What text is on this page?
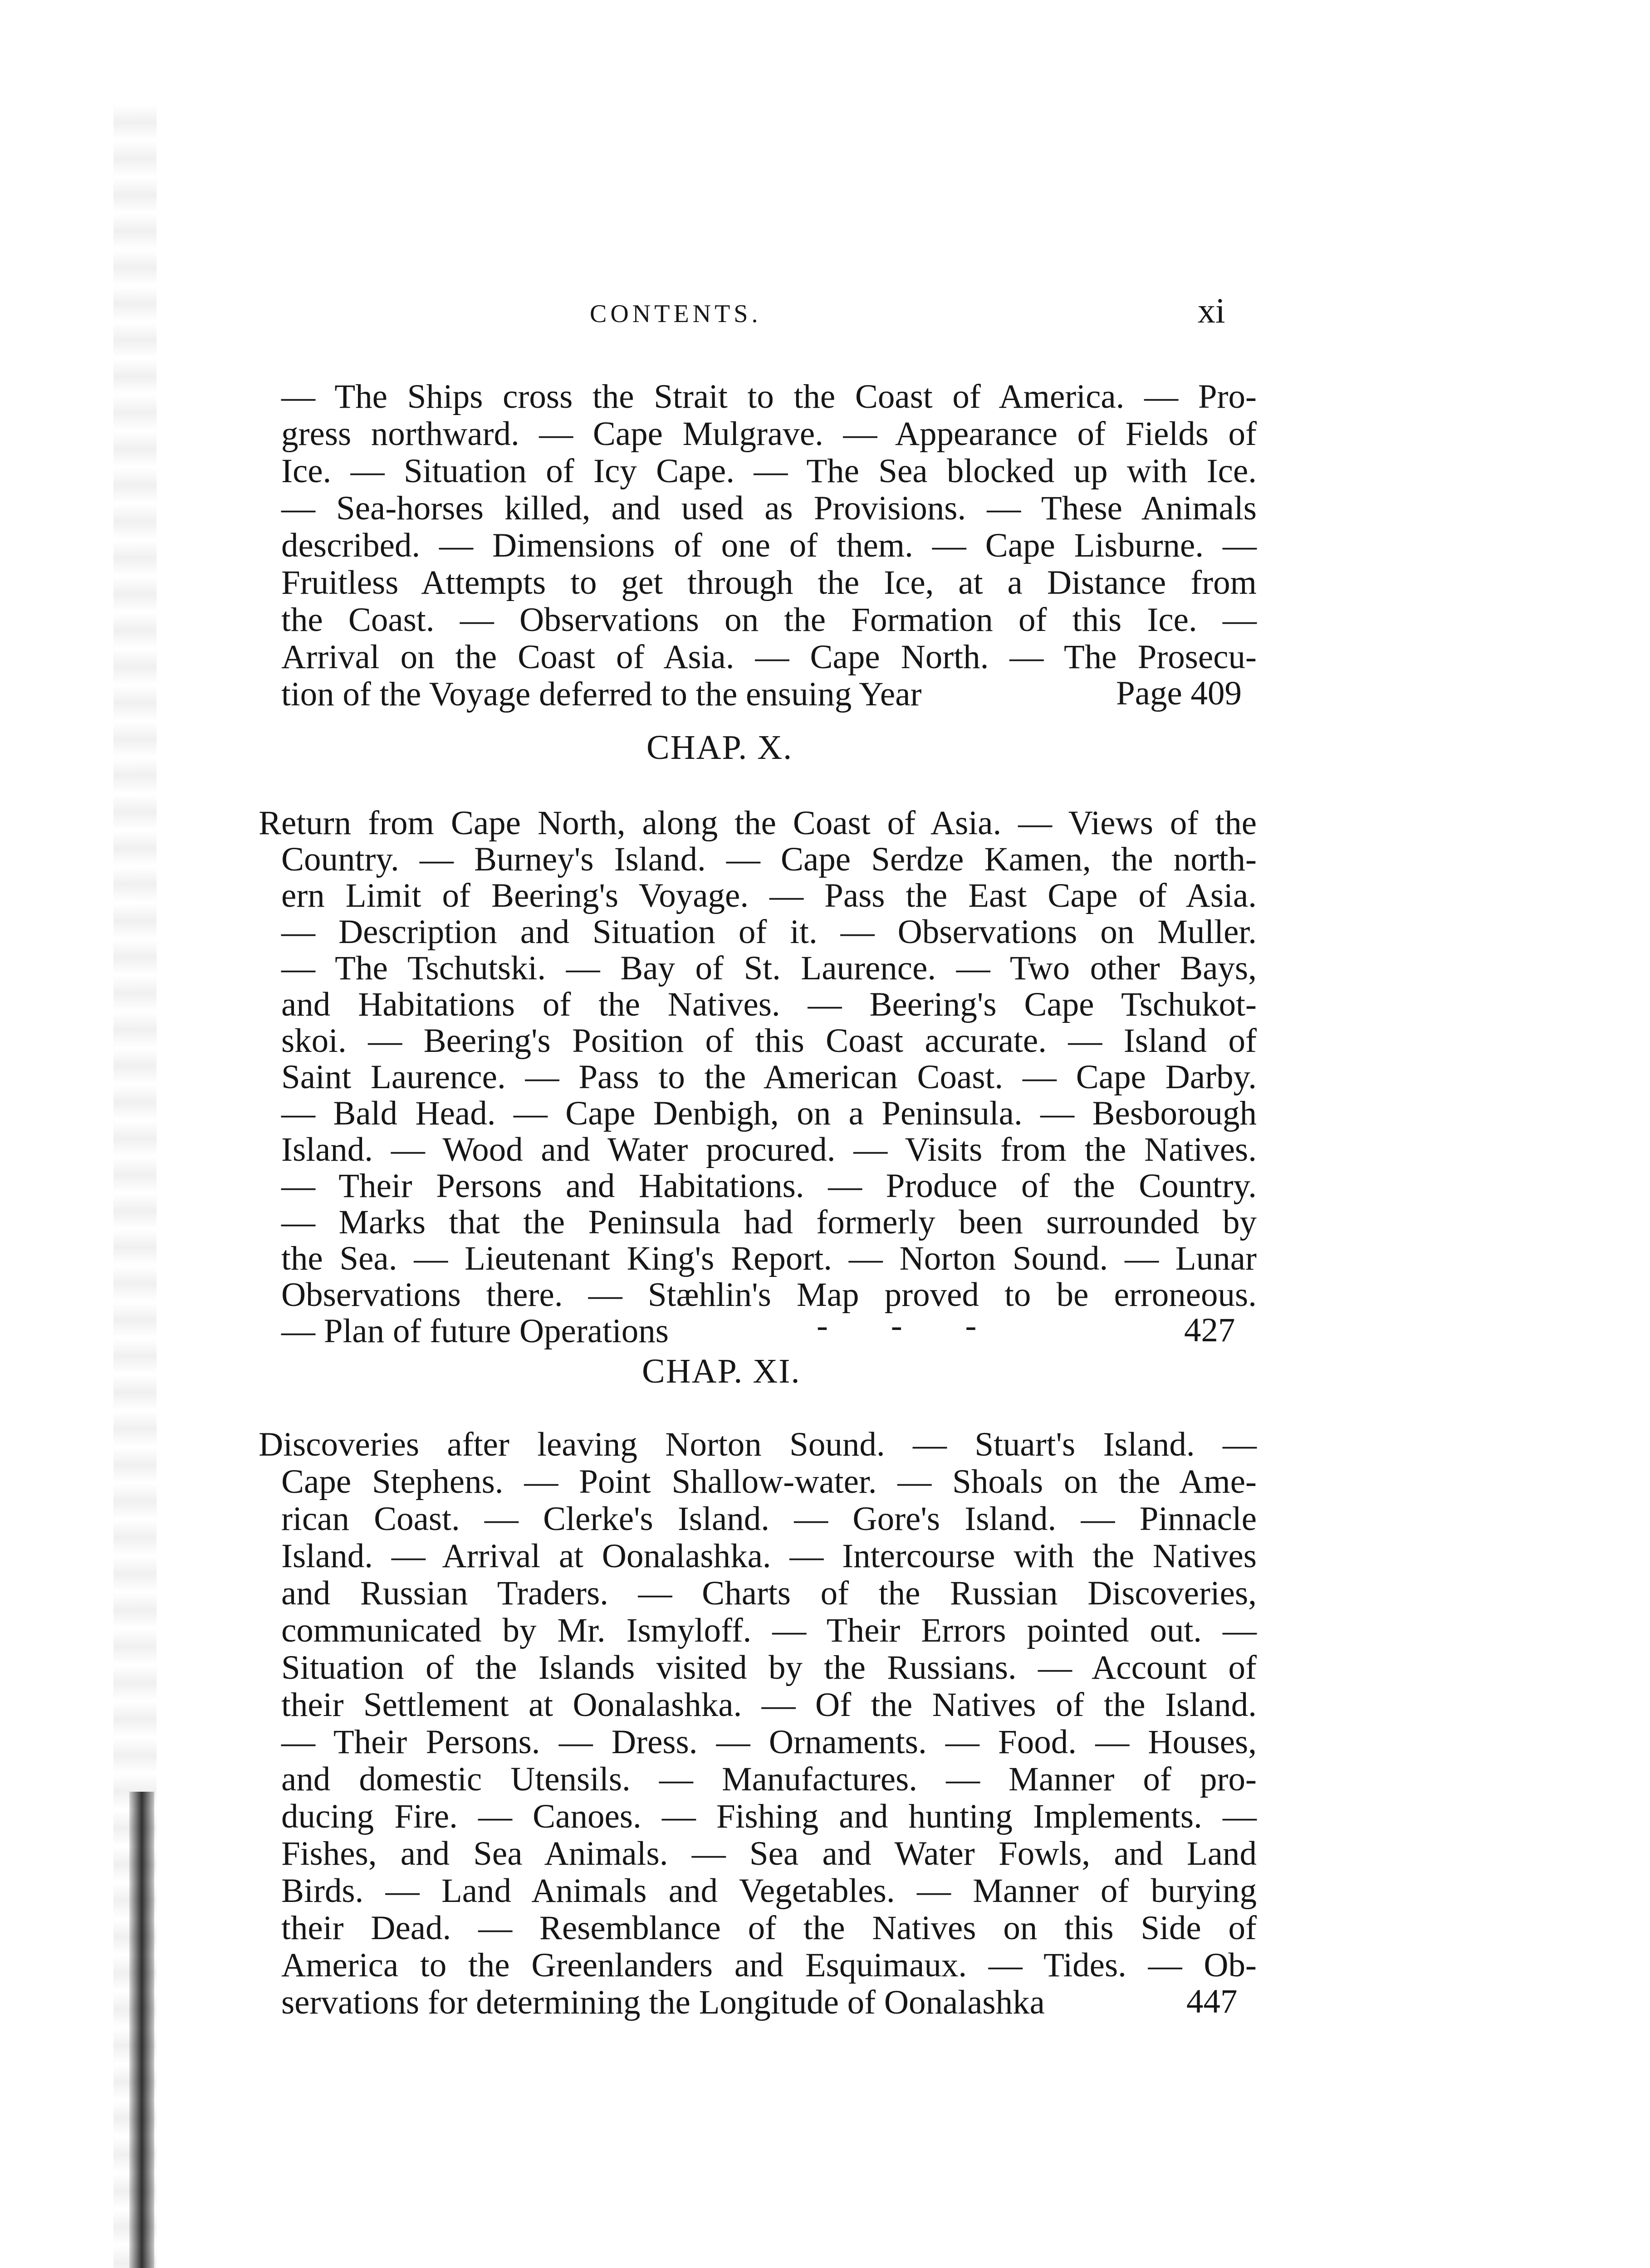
CONTENTS.	xi
— The Ships cross the Strait to the Coast of America. — Pro-
gress northward. — Cape Mulgrave. — Appearance of Fields of
Ice. — Situation of Icy Cape. — The Sea blocked up with Ice.
— Sea-horses killed, and used as Provisions. — These Animals
described. — Dimensions of one of them. — Cape Lisburne. —
Fruitless Attempts to get through the Ice, at a Distance from
the Coast. — Observations on the Formation of this Ice. —
Arrival on the Coast of Asia. — Cape North. — The Prosecu-
tion of the Voyage deferred to the ensuing Year	Page 409
CHAP. X.
Return from Cape North, along the Coast of Asia. — Views of the
Country. — Burney's Island. — Cape Serdze Kamen, the north-
ern Limit of Beering's Voyage. — Pass the East Cape of Asia.
— Description and Situation of it. — Observations on Muller.
— The Tschutski. — Bay of St. Laurence. — Two other Bays,
and Habitations of the Natives. — Beering's Cape Tschukot-
skoi. — Beering's Position of this Coast accurate. — Island of
Saint Laurence. — Pass to the American Coast. — Cape Darby.
— Bald Head. — Cape Denbigh, on a Peninsula. — Besborough
Island. — Wood and Water procured. — Visits from the Natives.
— Their Persons and Habitations. — Produce of the Country.
— Marks that the Peninsula had formerly been surrounded by
the Sea. — Lieutenant King's Report. — Norton Sound. — Lunar
Observations there. — Stæhlin's Map proved to be erroneous.
— Plan of future Operations	- - -	427
CHAP. XI.
Discoveries after leaving Norton Sound. — Stuart's Island. —
Cape Stephens. — Point Shallow-water. — Shoals on the Ame-
rican Coast. — Clerke's Island. — Gore's Island. — Pinnacle
Island. — Arrival at Oonalashka. — Intercourse with the Natives
and Russian Traders. — Charts of the Russian Discoveries,
communicated by Mr. Ismyloff. — Their Errors pointed out. —
Situation of the Islands visited by the Russians. — Account of
their Settlement at Oonalashka. — Of the Natives of the Island.
— Their Persons. — Dress. — Ornaments. — Food. — Houses,
and domestic Utensils. — Manufactures. — Manner of pro-
ducing Fire. — Canoes. — Fishing and hunting Implements. —
Fishes, and Sea Animals. — Sea and Water Fowls, and Land
Birds. — Land Animals and Vegetables. — Manner of burying
their Dead. — Resemblance of the Natives on this Side of
America to the Greenlanders and Esquimaux. — Tides. — Ob-
servations for determining the Longitude of Oonalashka	447
